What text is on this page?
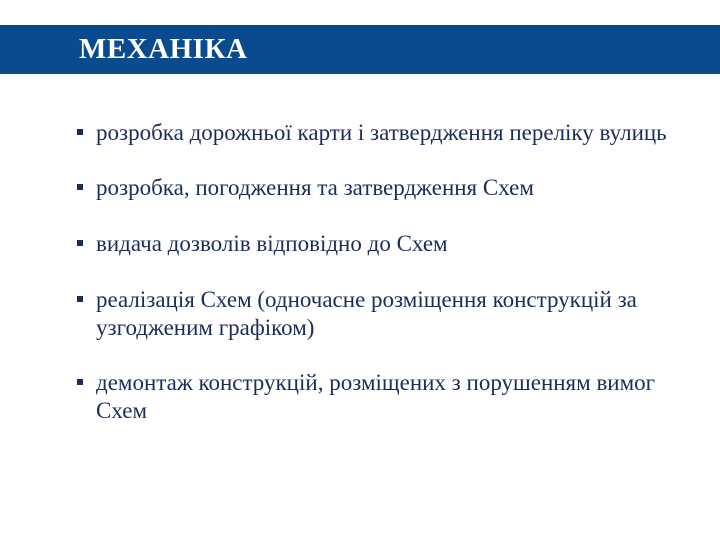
МЕХАНІКА
розробка дорожньої карти і затвердження переліку вулиць
розробка, погодження та затвердження Схем
видача дозволів відповідно до Схем
реалізація Схем (одночасне розміщення конструкцій за узгодженим графіком)
демонтаж конструкцій, розміщених з порушенням вимог Схем
